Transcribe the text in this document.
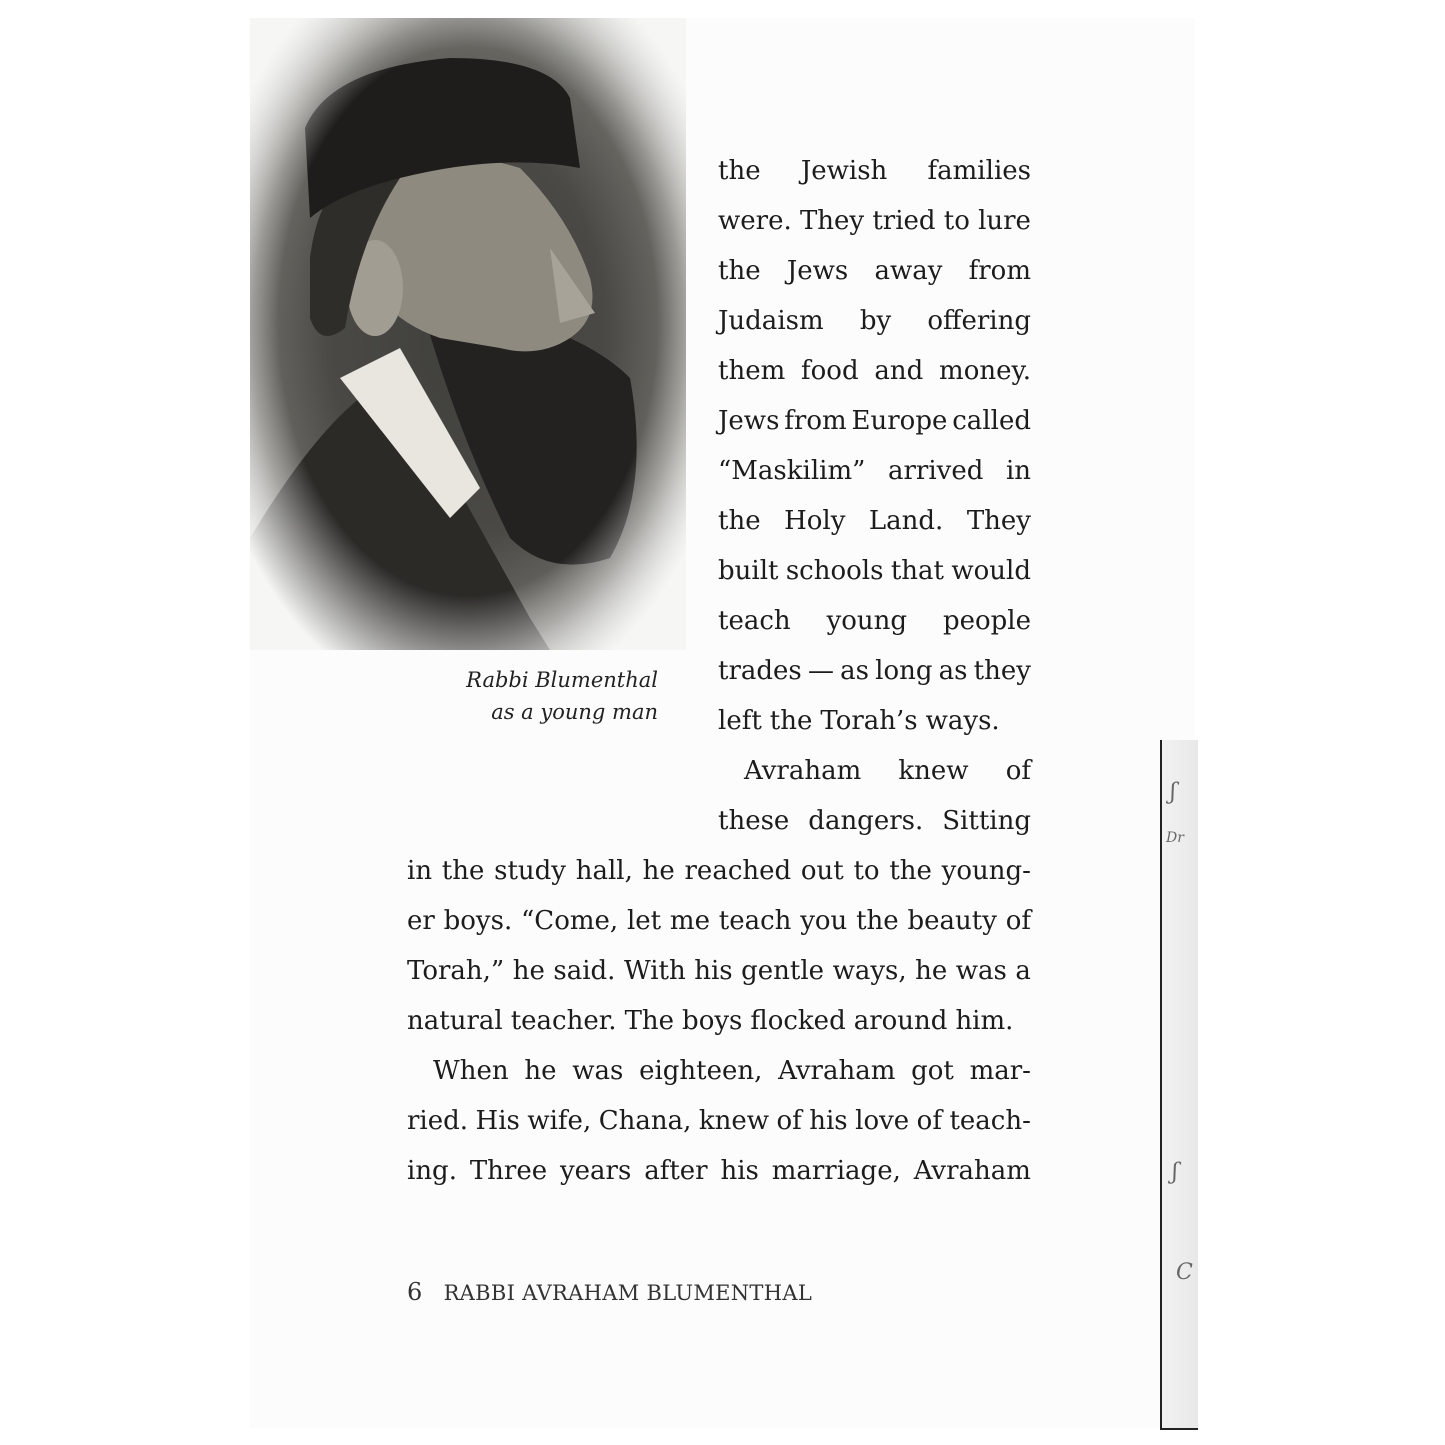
Rabbi Blumenthal
as a young man
the Jewish families
were. They tried to lure
the Jews away from
Judaism by offering
them food and money.
Jews from Europe called
“Maskilim” arrived in
the Holy Land. They
built schools that would
teach young people
trades — as long as they
left the Torah’s ways.
Avraham knew of
these dangers. Sitting
in the study hall, he reached out to the young-
er boys. “Come, let me teach you the beauty of
Torah,” he said. With his gentle ways, he was a
natural teacher. The boys flocked around him.
When he was eighteen, Avraham got mar-
ried. His wife, Chana, knew of his love of teach-
ing. Three years after his marriage, Avraham
6 RABBI AVRAHAM BLUMENTHAL
ʃ
Dr
ʃ
C
